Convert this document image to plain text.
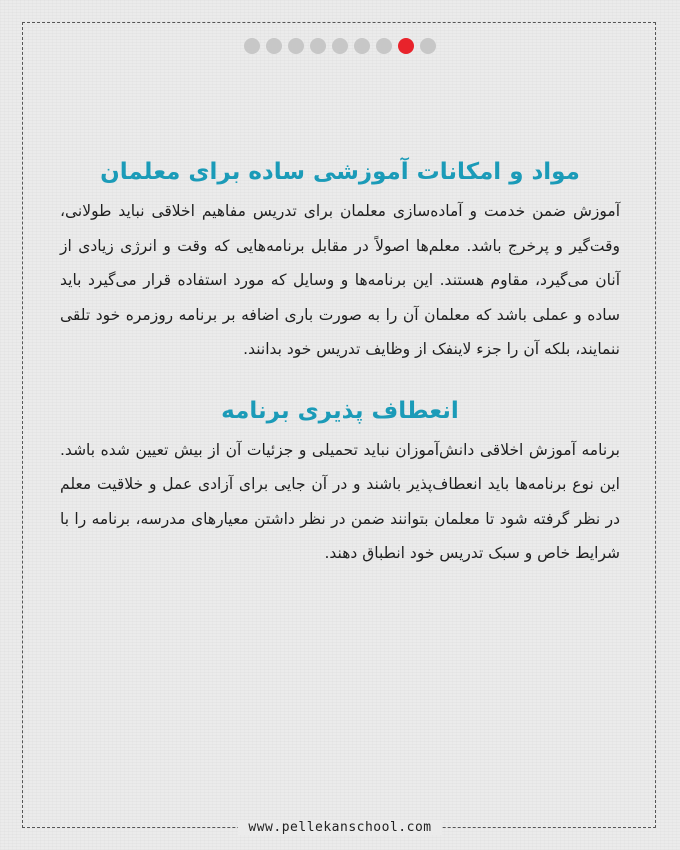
مواد و امکانات آموزشی ساده برای معلمان

آموزش ضمن خدمت و آماده‌سازی معلمان برای تدریس مفاهیم اخلاقی نباید طولانی، وقت‌گیر و پرخرج باشد. معلم‌ها اصولاً در مقابل برنامه‌هایی که وقت و انرژی زیادی از آنان می‌گیرد، مقاوم هستند. این برنامه‌ها و وسایل که مورد استفاده قرار می‌گیرد باید ساده و عملی باشد که معلمان آن را به صورت باری اضافه بر برنامه روزمره خود تلقی ننمایند، بلکه آن را جزء لاینفک از وظایف تدریس خود بدانند.

انعطاف پذیری برنامه

برنامه آموزش اخلاقی دانش‌آموزان نباید تحمیلی و جزئیات آن از بیش تعیین شده باشد. این نوع برنامه‌ها باید انعطاف‌پذیر باشند و در آن جایی برای آزادی عمل و خلاقیت معلم در نظر گرفته شود تا معلمان بتوانند ضمن در نظر داشتن معیارهای مدرسه، برنامه را با شرایط خاص و سبک تدریس خود انطباق دهند.

www.pellekanschool.com
